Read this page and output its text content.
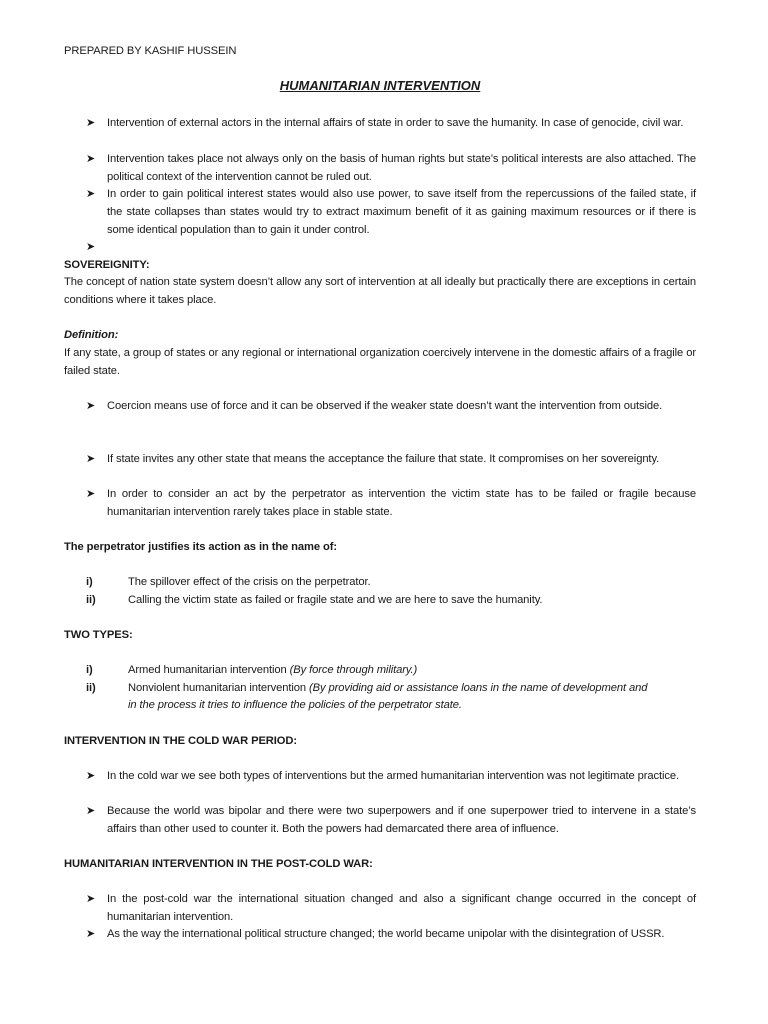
PREPARED BY KASHIF HUSSEIN
HUMANITARIAN INTERVENTION
➤ Intervention of external actors in the internal affairs of state in order to save the humanity. In case of genocide, civil war.
➤ Intervention takes place not always only on the basis of human rights but state’s political interests are also attached. The political context of the intervention cannot be ruled out.
➤ In order to gain political interest states would also use power, to save itself from the repercussions of the failed state, if the state collapses than states would try to extract maximum benefit of it as gaining maximum resources or if there is some identical population than to gain it under control.
➤
SOVEREIGNITY:
The concept of nation state system doesn’t allow any sort of intervention at all ideally but practically there are exceptions in certain conditions where it takes place.
Definition:
If any state, a group of states or any regional or international organization coercively intervene in the domestic affairs of a fragile or failed state.
➤ Coercion means use of force and it can be observed if the weaker state doesn’t want the intervention from outside.
➤ If state invites any other state that means the acceptance the failure that state. It compromises on her sovereignty.
➤ In order to consider an act by the perpetrator as intervention the victim state has to be failed or fragile because humanitarian intervention rarely takes place in stable state.
The perpetrator justifies its action as in the name of:
i)	The spillover effect of the crisis on the perpetrator.
ii)	Calling the victim state as failed or fragile state and we are here to save the humanity.
TWO TYPES:
i)	Armed humanitarian intervention (By force through military.)
ii)	Nonviolent humanitarian intervention (By providing aid or assistance loans in the name of development and
in the process it tries to influence the policies of the perpetrator state.
INTERVENTION IN THE COLD WAR PERIOD:
➤ In the cold war we see both types of interventions but the armed humanitarian intervention was not legitimate practice.
➤ Because the world was bipolar and there were two superpowers and if one superpower tried to intervene in a state’s affairs than other used to counter it. Both the powers had demarcated there area of influence.
HUMANITARIAN INTERVENTION IN THE POST-COLD WAR:
➤ In the post-cold war the international situation changed and also a significant change occurred in the concept of humanitarian intervention.
➤ As the way the international political structure changed; the world became unipolar with the disintegration of USSR.
